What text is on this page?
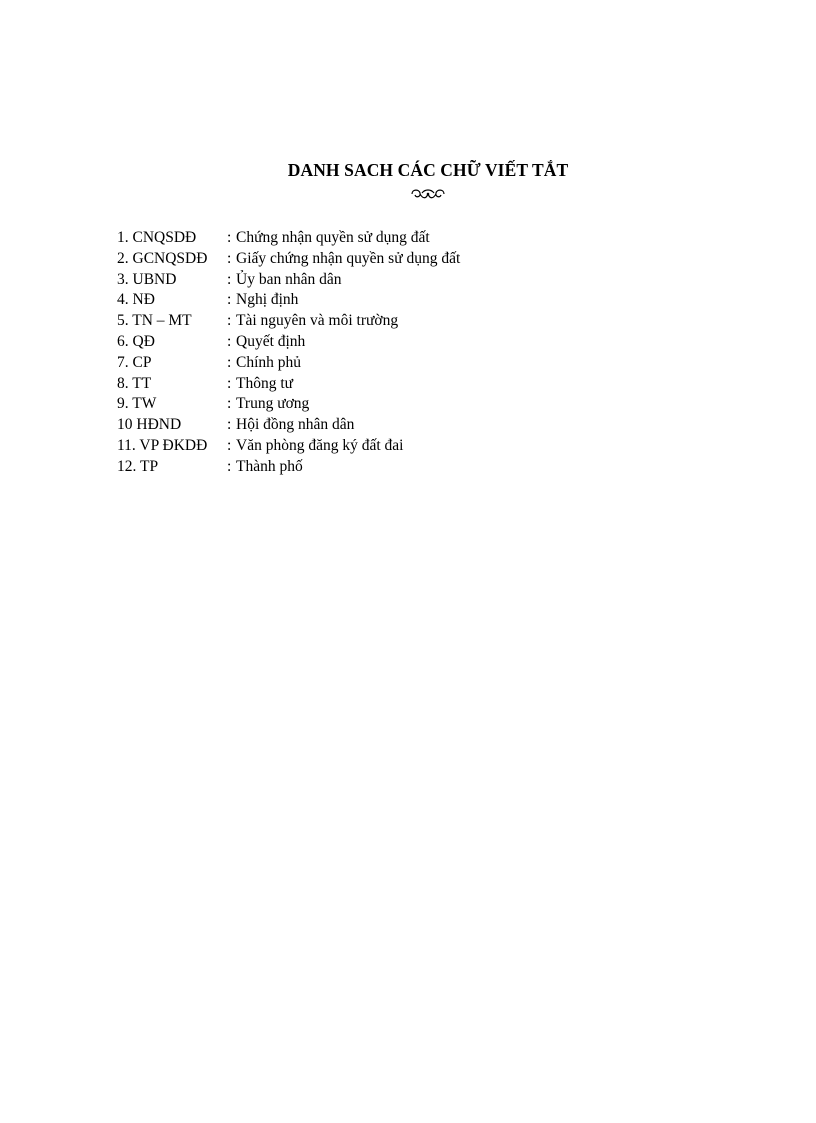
DANH SACH CÁC CHỮ VIẾT TẮT
1. CNQSDĐ : Chứng nhận quyền sử dụng đất
2. GCNQSDĐ : Giấy chứng nhận quyền sử dụng đất
3. UBND	: Ủy ban nhân dân
4. NĐ	: Nghị định
5. TN – MT : Tài nguyên và môi trường
6. QĐ	: Quyết định
7. CP	: Chính phủ
8. TT	: Thông tư
9. TW	: Trung ương
10 HĐND	: Hội đồng nhân dân
11. VP ĐKDĐ : Văn phòng đăng ký đất đai
12. TP	: Thành phố
